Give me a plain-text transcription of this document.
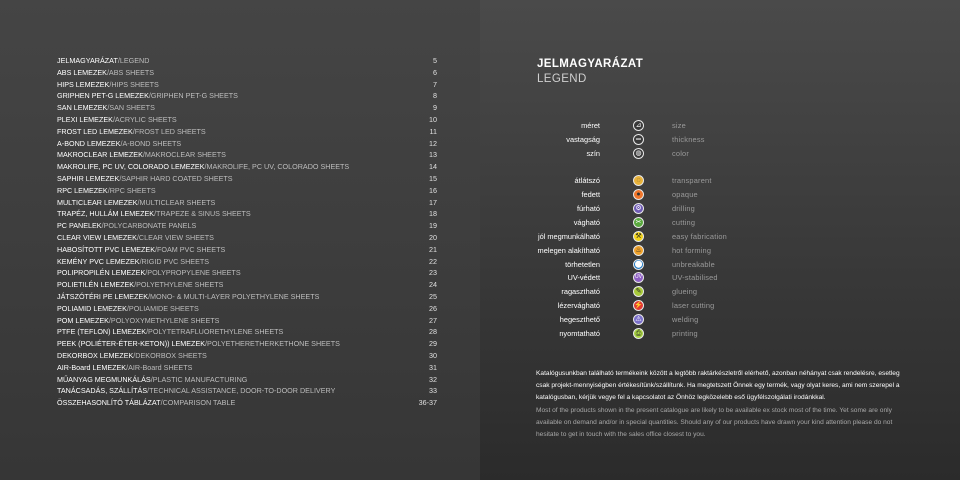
JELMAGYARÁZAT/LEGEND	5
ABS LEMEZEK/ABS SHEETS	6
HIPS LEMEZEK/HIPS SHEETS	7
GRIPHEN PET-G LEMEZEK/GRIPHEN PET-G SHEETS	8
SAN LEMEZEK/SAN SHEETS	9
PLEXI LEMEZEK/ACRYLIC SHEETS	10
FROST LED LEMEZEK/FROST LED SHEETS	11
A-BOND LEMEZEK/A-BOND SHEETS	12
MAKROCLEAR LEMEZEK/MAKROCLEAR SHEETS	13
MAKROLIFE, PC UV, COLORADO LEMEZEK/MAKROLIFE, PC UV, COLORADO SHEETS	14
SAPHIR LEMEZEK/SAPHIR HARD COATED SHEETS	15
RPC LEMEZEK/RPC SHEETS	16
MULTICLEAR LEMEZEK/MULTICLEAR SHEETS	17
TRAPÉZ, HULLÁM LEMEZEK/TRAPEZE & SINUS SHEETS	18
PC PANELEK/POLYCARBONATE PANELS	19
CLEAR VIEW LEMEZEK/CLEAR VIEW SHEETS	20
HABOSÍTOTT PVC LEMEZEK/FOAM PVC SHEETS	21
KEMÉNY PVC LEMEZEK/RIGID PVC SHEETS	22
POLIPROPILÉN LEMEZEK/POLYPROPYLENE SHEETS	23
POLIETILÉN LEMEZEK/POLYETHYLENE SHEETS	24
JÁTSZÓTÉRI PE LEMEZEK/MONO- & MULTI-LAYER POLYETHYLENE SHEETS	25
POLIAMID LEMEZEK/POLIAMIDE SHEETS	26
POM LEMEZEK/POLYOXYMETHYLENE SHEETS	27
PTFE (TEFLON) LEMEZEK/POLYTETRAFLUORETHYLENE SHEETS	28
PEEK (POLIÉTER-ÉTER-KETON)) LEMEZEK/POLYETHERETHERKETHONE SHEETS	29
DEKORBOX LEMEZEK/DEKORBOX SHEETS	30
AIR-Board LEMEZEK/AIR-Board SHEETS	31
MŰANYAG MEGMUNKÁLÁS/PLASTIC MANUFACTURING	32
TANÁCSADÁS, SZÁLLÍTÁS/TECHNICAL ASSISTANCE, DOOR-TO-DOOR DELIVERY	33
ÖSSZEHASONLÍTÓ TÁBLÁZAT/COMPARISON TABLE	36-37
JELMAGYARÁZAT
LEGEND
méret	⊿	size
vastagság	═	thickness
szín	◍	color
átlátszó	◌	transparent
fedett	●	opaque
fúrható	⚙	drilling
vágható	✂	cutting
jól megmunkálható	⚒	easy fabrication
melegen alakítható	♨	hot forming
törhetetlen	⬤	unbreakable
UV-védett	UV	UV-stabilised
ragasztható	✎	glueing
lézervágható	⚡	laser cutting
hegeszthető	⚠	welding
nyomtatható	⎙	printing

Katalógusunkban található termékeink között a legtöbb raktárkészletről elérhető, azonban néhányat csak rendelésre, esetleg csak projekt-mennyiségben értékesítünk/szállítunk. Ha megtetszett Önnek egy termék, vagy olyat keres, ami nem szerepel a katalógusban, kérjük vegye fel a kapcsolatot az Önhöz legközelebb eső ügyfélszolgálati irodánkkal.

Most of the products shown in the present catalogue are likely to be available ex stock most of the time. Yet some are only available on demand and/or in special quantities. Should any of our products have drawn your kind attention please do not hesitate to get in touch with the sales office closest to you.
